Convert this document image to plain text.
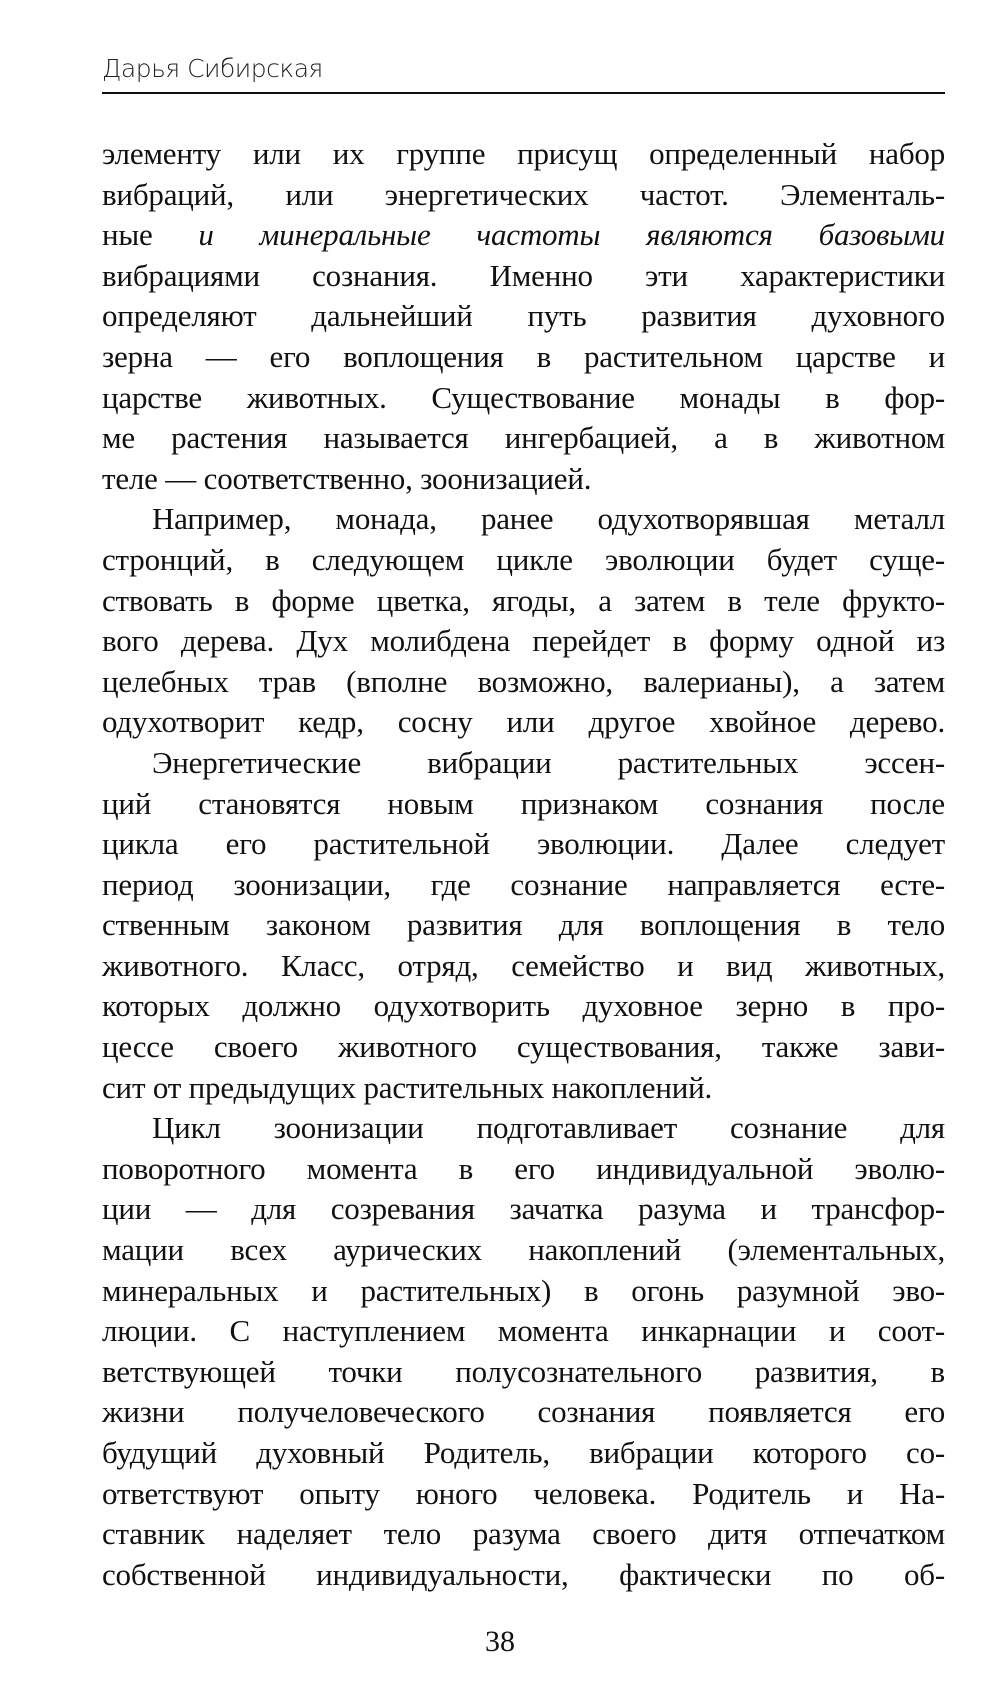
Дарья Сибирская
элементу или их группе присущ определенный набор
вибраций, или энергетических частот. Элементаль-
ные и минеральные частоты являются базовыми
вибрациями сознания. Именно эти характеристики
определяют дальнейший путь развития духовного
зерна — его воплощения в растительном царстве и
царстве животных. Существование монады в фор-
ме растения называется ингербацией, а в животном
теле — соответственно, зоонизацией.
Например, монада, ранее одухотворявшая металл
стронций, в следующем цикле эволюции будет суще-
ствовать в форме цветка, ягоды, а затем в теле фрукто-
вого дерева. Дух молибдена перейдет в форму одной из
целебных трав (вполне возможно, валерианы), а затем
одухотворит кедр, сосну или другое хвойное дерево.
Энергетические вибрации растительных эссен-
ций становятся новым признаком сознания после
цикла его растительной эволюции. Далее следует
период зоонизации, где сознание направляется есте-
ственным законом развития для воплощения в тело
животного. Класс, отряд, семейство и вид животных,
которых должно одухотворить духовное зерно в про-
цессе своего животного существования, также зави-
сит от предыдущих растительных накоплений.
Цикл зоонизации подготавливает сознание для
поворотного момента в его индивидуальной эволю-
ции — для созревания зачатка разума и трансфор-
мации всех аурических накоплений (элементальных,
минеральных и растительных) в огонь разумной эво-
люции. С наступлением момента инкарнации и соот-
ветствующей точки полусознательного развития, в
жизни получеловеческого сознания появляется его
будущий духовный Родитель, вибрации которого со-
ответствуют опыту юного человека. Родитель и На-
ставник наделяет тело разума своего дитя отпечатком
собственной индивидуальности, фактически по об-
38
